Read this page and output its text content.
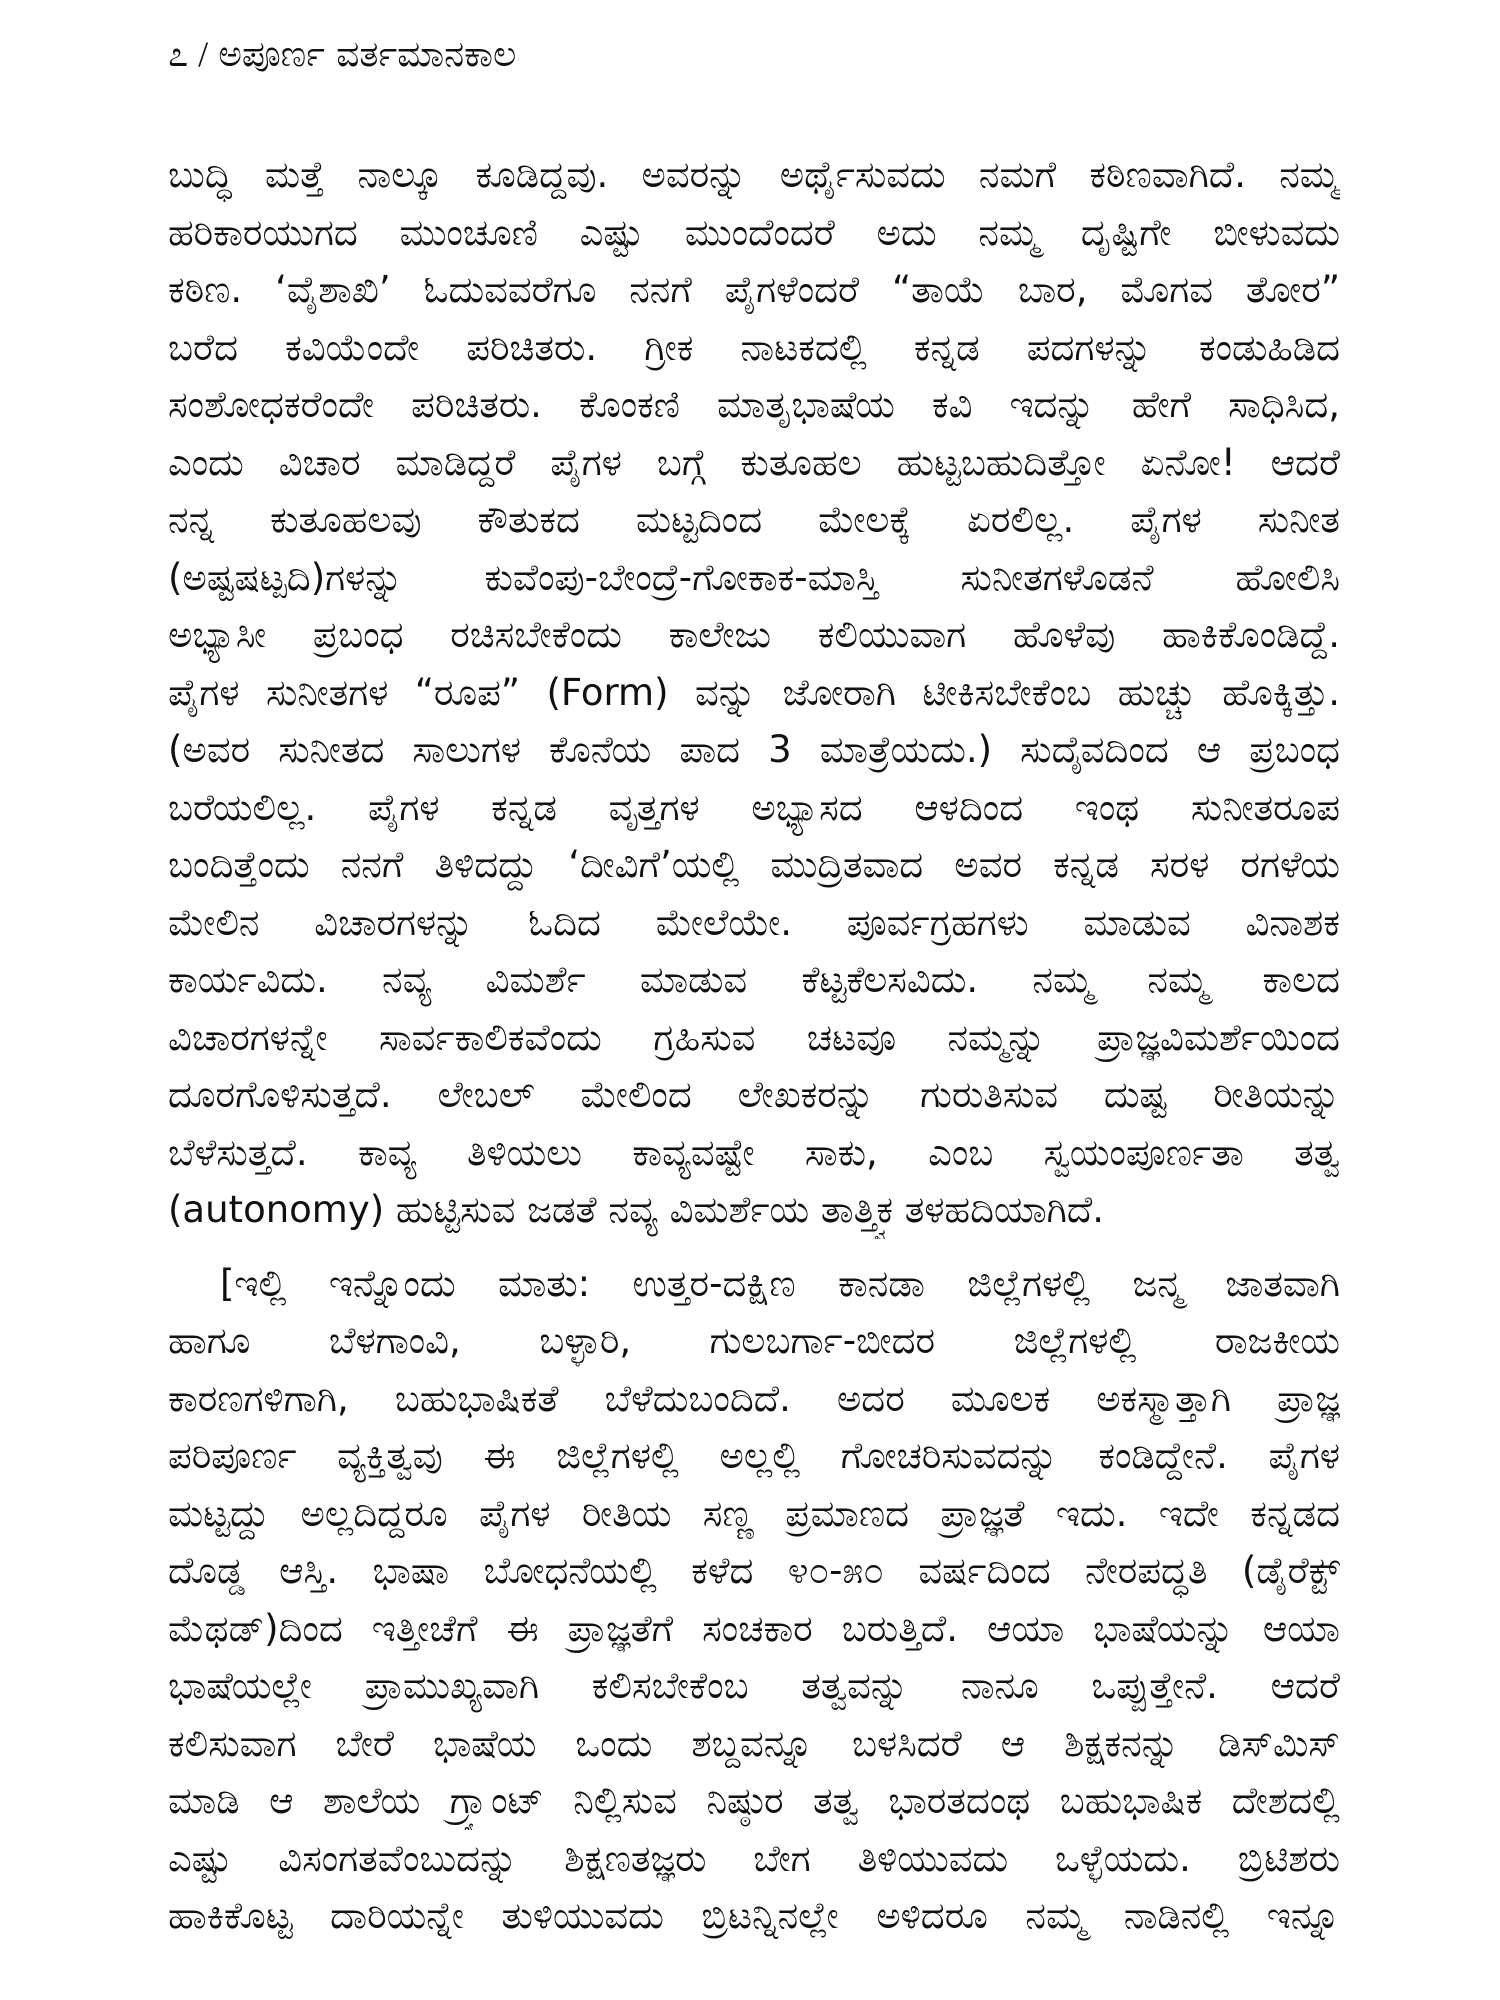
೭ / ಅಪೂರ್ಣ ವರ್ತಮಾನಕಾಲ
ಬುದ್ಧಿ ಮತ್ತೆ ನಾಲ್ಕೂ ಕೂಡಿದ್ದವು. ಅವರನ್ನು ಅರ್ಥೈಸುವದು ನಮಗೆ ಕಠಿಣವಾಗಿದೆ. ನಮ್ಮ
ಹರಿಕಾರಯುಗದ ಮುಂಚೂಣಿ ಎಷ್ಟು ಮುಂದೆಂದರೆ ಅದು ನಮ್ಮ ದೃಷ್ಟಿಗೇ ಬೀಳುವದು
ಕಠಿಣ. ‘ವೈಶಾಖಿ’ ಓದುವವರೆಗೂ ನನಗೆ ಪೈಗಳೆಂದರೆ “ತಾಯೆ ಬಾರ, ಮೊಗವ ತೋರ”
ಬರೆದ ಕವಿಯೆಂದೇ ಪರಿಚಿತರು. ಗ್ರೀಕ ನಾಟಕದಲ್ಲಿ ಕನ್ನಡ ಪದಗಳನ್ನು ಕಂಡುಹಿಡಿದ
ಸಂಶೋಧಕರೆಂದೇ ಪರಿಚಿತರು. ಕೊಂಕಣಿ ಮಾತೃಭಾಷೆಯ ಕವಿ ಇದನ್ನು ಹೇಗೆ ಸಾಧಿಸಿದ,
ಎಂದು ವಿಚಾರ ಮಾಡಿದ್ದರೆ ಪೈಗಳ ಬಗ್ಗೆ ಕುತೂಹಲ ಹುಟ್ಟಬಹುದಿತ್ತೋ ಏನೋ! ಆದರೆ
ನನ್ನ ಕುತೂಹಲವು ಕೌತುಕದ ಮಟ್ಟದಿಂದ ಮೇಲಕ್ಕೆ ಏರಲಿಲ್ಲ. ಪೈಗಳ ಸುನೀತ
(ಅಷ್ಟಷಟ್ಪದಿ)ಗಳನ್ನು ಕುವೆಂಪು-ಬೇಂದ್ರೆ-ಗೋಕಾಕ-ಮಾಸ್ತಿ ಸುನೀತಗಳೊಡನೆ ಹೋಲಿಸಿ
ಅಭ್ಯಾಸೀ ಪ್ರಬಂಧ ರಚಿಸಬೇಕೆಂದು ಕಾಲೇಜು ಕಲಿಯುವಾಗ ಹೊಳೆವು ಹಾಕಿಕೊಂಡಿದ್ದೆ.
ಪೈಗಳ ಸುನೀತಗಳ “ರೂಪ” (Form) ವನ್ನು ಜೋರಾಗಿ ಟೀಕಿಸಬೇಕೆಂಬ ಹುಚ್ಚು ಹೊಕ್ಕಿತ್ತು.
(ಅವರ ಸುನೀತದ ಸಾಲುಗಳ ಕೊನೆಯ ಪಾದ 3 ಮಾತ್ರೆಯದು.) ಸುದೈವದಿಂದ ಆ ಪ್ರಬಂಧ
ಬರೆಯಲಿಲ್ಲ. ಪೈಗಳ ಕನ್ನಡ ವೃತ್ತಗಳ ಅಭ್ಯಾಸದ ಆಳದಿಂದ ಇಂಥ ಸುನೀತರೂಪ
ಬಂದಿತ್ತೆಂದು ನನಗೆ ತಿಳಿದದ್ದು ‘ದೀವಿಗೆ’ಯಲ್ಲಿ ಮುದ್ರಿತವಾದ ಅವರ ಕನ್ನಡ ಸರಳ ರಗಳೆಯ
ಮೇಲಿನ ವಿಚಾರಗಳನ್ನು ಓದಿದ ಮೇಲೆಯೇ. ಪೂರ್ವಗ್ರಹಗಳು ಮಾಡುವ ವಿನಾಶಕ
ಕಾರ್ಯವಿದು. ನವ್ಯ ವಿಮರ್ಶೆ ಮಾಡುವ ಕೆಟ್ಟಕೆಲಸವಿದು. ನಮ್ಮ ನಮ್ಮ ಕಾಲದ
ವಿಚಾರಗಳನ್ನೇ ಸಾರ್ವಕಾಲಿಕವೆಂದು ಗ್ರಹಿಸುವ ಚಟವೂ ನಮ್ಮನ್ನು ಪ್ರಾಜ್ಞವಿಮರ್ಶೆಯಿಂದ
ದೂರಗೊಳಿಸುತ್ತದೆ. ಲೇಬಲ್ ಮೇಲಿಂದ ಲೇಖಕರನ್ನು ಗುರುತಿಸುವ ದುಷ್ಟ ರೀತಿಯನ್ನು
ಬೆಳೆಸುತ್ತದೆ. ಕಾವ್ಯ ತಿಳಿಯಲು ಕಾವ್ಯವಷ್ಟೇ ಸಾಕು, ಎಂಬ ಸ್ವಯಂಪೂರ್ಣತಾ ತತ್ವ
(autonomy) ಹುಟ್ಟಿಸುವ ಜಡತೆ ನವ್ಯ ವಿಮರ್ಶೆಯ ತಾತ್ತ್ವಿಕ ತಳಹದಿಯಾಗಿದೆ.
[ಇಲ್ಲಿ ಇನ್ನೊಂದು ಮಾತು: ಉತ್ತರ-ದಕ್ಷಿಣ ಕಾನಡಾ ಜಿಲ್ಲೆಗಳಲ್ಲಿ ಜನ್ಮ ಜಾತವಾಗಿ
ಹಾಗೂ ಬೆಳಗಾಂವಿ, ಬಳ್ಳಾರಿ, ಗುಲಬರ್ಗಾ-ಬೀದರ ಜಿಲ್ಲೆಗಳಲ್ಲಿ ರಾಜಕೀಯ
ಕಾರಣಗಳಿಗಾಗಿ, ಬಹುಭಾಷಿಕತೆ ಬೆಳೆದುಬಂದಿದೆ. ಅದರ ಮೂಲಕ ಅಕಸ್ಮಾತ್ತಾಗಿ ಪ್ರಾಜ್ಞ
ಪರಿಪೂರ್ಣ ವ್ಯಕ್ತಿತ್ವವು ಈ ಜಿಲ್ಲೆಗಳಲ್ಲಿ ಅಲ್ಲಲ್ಲಿ ಗೋಚರಿಸುವದನ್ನು ಕಂಡಿದ್ದೇನೆ. ಪೈಗಳ
ಮಟ್ಟದ್ದು ಅಲ್ಲದಿದ್ದರೂ ಪೈಗಳ ರೀತಿಯ ಸಣ್ಣ ಪ್ರಮಾಣದ ಪ್ರಾಜ್ಞತೆ ಇದು. ಇದೇ ಕನ್ನಡದ
ದೊಡ್ಡ ಆಸ್ತಿ. ಭಾಷಾ ಬೋಧನೆಯಲ್ಲಿ ಕಳೆದ ೪೦-೫೦ ವರ್ಷದಿಂದ ನೇರಪದ್ಧತಿ (ಡೈರೆಕ್ಟ್
ಮೆಥಡ್)ದಿಂದ ಇತ್ತೀಚೆಗೆ ಈ ಪ್ರಾಜ್ಞತೆಗೆ ಸಂಚಕಾರ ಬರುತ್ತಿದೆ. ಆಯಾ ಭಾಷೆಯನ್ನು ಆಯಾ
ಭಾಷೆಯಲ್ಲೇ ಪ್ರಾಮುಖ್ಯವಾಗಿ ಕಲಿಸಬೇಕೆಂಬ ತತ್ವವನ್ನು ನಾನೂ ಒಪ್ಪುತ್ತೇನೆ. ಆದರೆ
ಕಲಿಸುವಾಗ ಬೇರೆ ಭಾಷೆಯ ಒಂದು ಶಬ್ದವನ್ನೂ ಬಳಸಿದರೆ ಆ ಶಿಕ್ಷಕನನ್ನು ಡಿಸ್‌ಮಿಸ್
ಮಾಡಿ ಆ ಶಾಲೆಯ ಗ್ರ್ಯಾಂಟ್ ನಿಲ್ಲಿಸುವ ನಿಷ್ಠುರ ತತ್ವ ಭಾರತದಂಥ ಬಹುಭಾಷಿಕ ದೇಶದಲ್ಲಿ
ಎಷ್ಟು ವಿಸಂಗತವೆಂಬುದನ್ನು ಶಿಕ್ಷಣತಜ್ಞರು ಬೇಗ ತಿಳಿಯುವದು ಒಳ್ಳೆಯದು. ಬ್ರಿಟಿಶರು
ಹಾಕಿಕೊಟ್ಟ ದಾರಿಯನ್ನೇ ತುಳಿಯುವದು ಬ್ರಿಟನ್ನಿನಲ್ಲೇ ಅಳಿದರೂ ನಮ್ಮ ನಾಡಿನಲ್ಲಿ ಇನ್ನೂ
